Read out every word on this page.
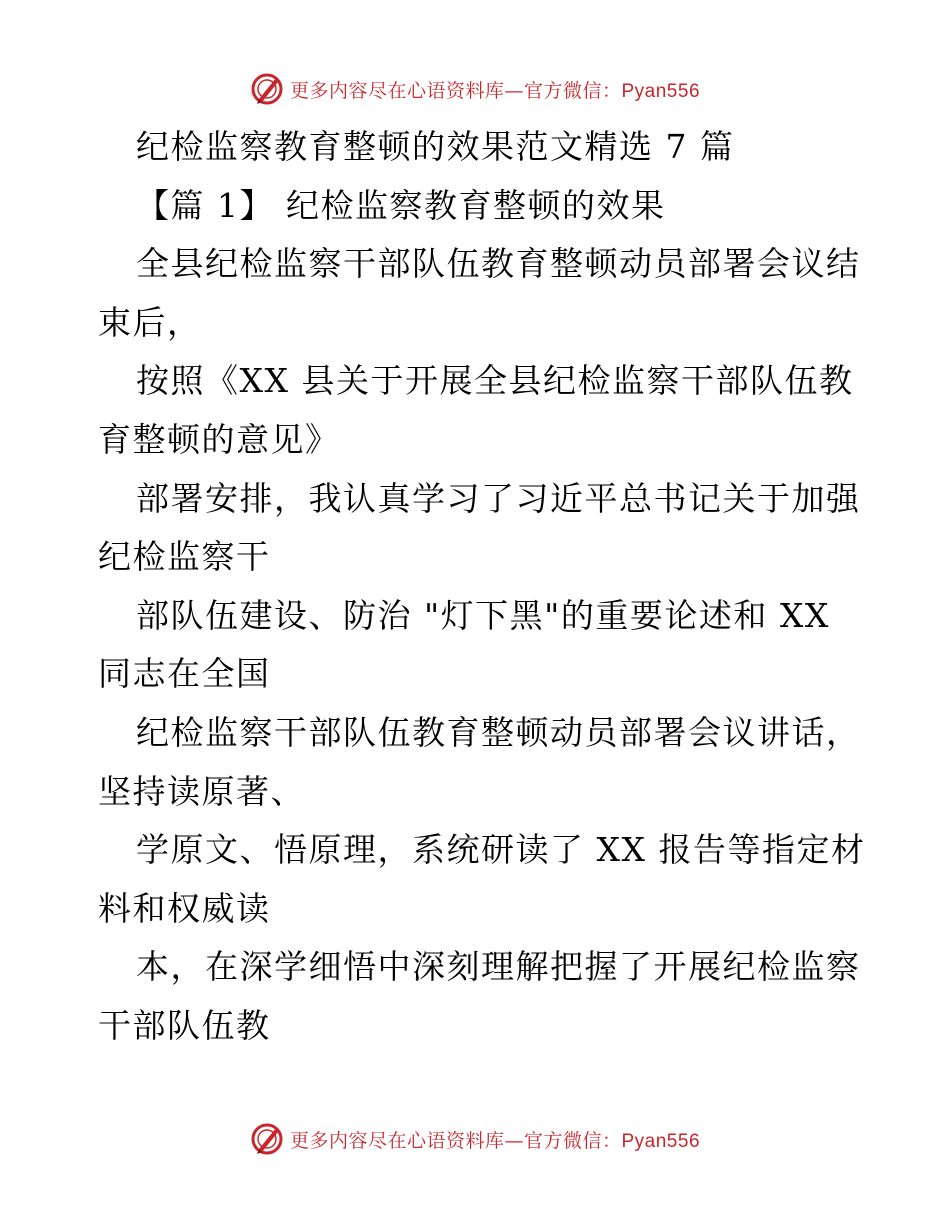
更多内容尽在心语资料库—官方微信：Pyan556
纪检监察教育整顿的效果范文精选 7 篇
【篇 1】 纪检监察教育整顿的效果
全县纪检监察干部队伍教育整顿动员部署会议结
束后，
按照《XX 县关于开展全县纪检监察干部队伍教
育整顿的意见》
部署安排，我认真学习了习近平总书记关于加强
纪检监察干
部队伍建设、防治 "灯下黑"的重要论述和 XX
同志在全国
纪检监察干部队伍教育整顿动员部署会议讲话，
坚持读原著、
学原文、悟原理，系统研读了 XX 报告等指定材
料和权威读
本，在深学细悟中深刻理解把握了开展纪检监察
干部队伍教
更多内容尽在心语资料库—官方微信：Pyan556
